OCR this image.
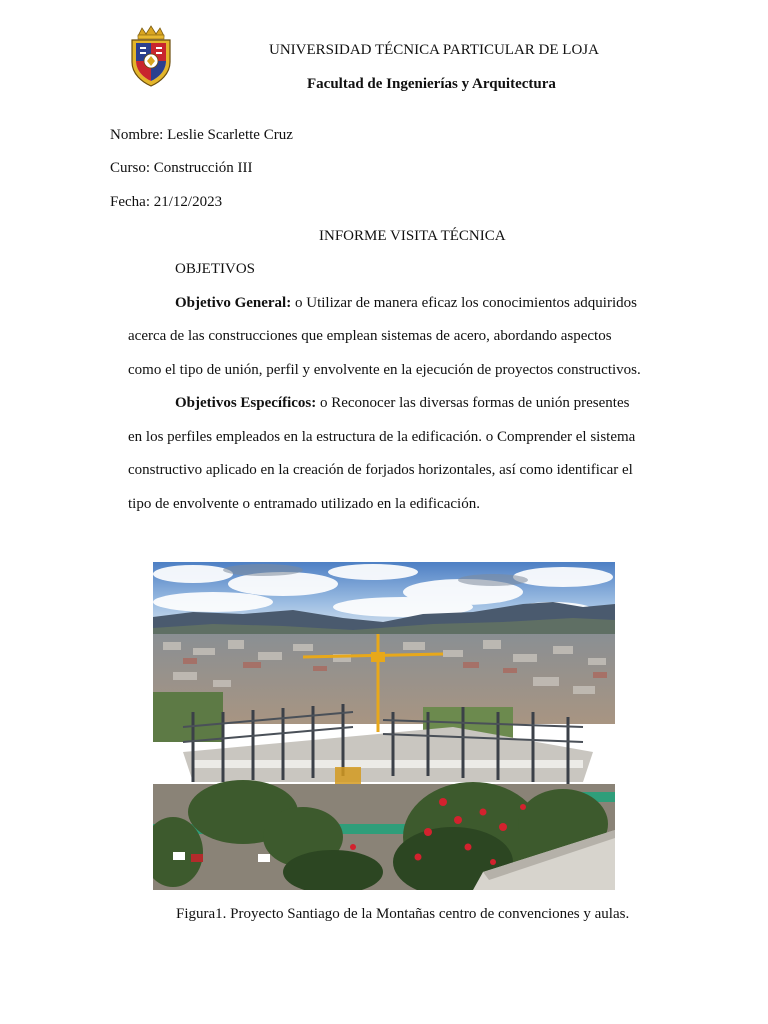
UNIVERSIDAD TÉCNICA PARTICULAR DE LOJA
Facultad de Ingenierías y Arquitectura
Nombre: Leslie Scarlette Cruz
Curso: Construcción III
Fecha: 21/12/2023
INFORME VISITA TÉCNICA
OBJETIVOS
Objetivo General: o Utilizar de manera eficaz los conocimientos adquiridos
acerca de las construcciones que emplean sistemas de acero, abordando aspectos
como el tipo de unión, perfil y envolvente en la ejecución de proyectos constructivos.
Objetivos Específicos: o Reconocer las diversas formas de unión presentes
en los perfiles empleados en la estructura de la edificación. o Comprender el sistema
constructivo aplicado en la creación de forjados horizontales, así como identificar el
tipo de envolvente o entramado utilizado en la edificación.
Figura1. Proyecto Santiago de la Montañas centro de convenciones y aulas.
